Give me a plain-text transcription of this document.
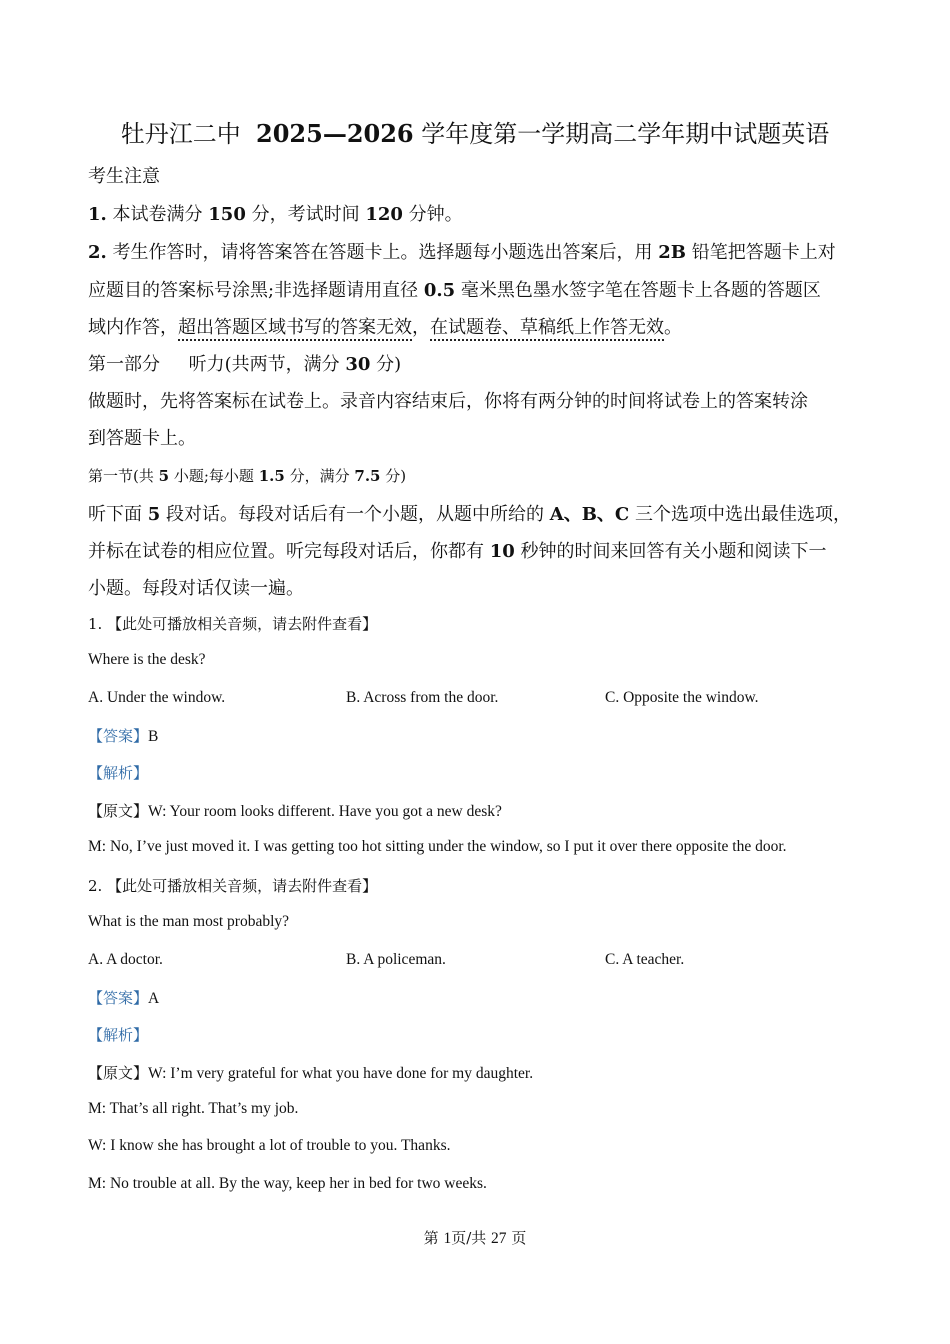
牡丹江二中 2025—2026 学年度第一学期高二学年期中试题英语
考生注意
1. 本试卷满分 150 分，考试时间 120 分钟。
2. 考生作答时，请将答案答在答题卡上。选择题每小题选出答案后，用 2B 铅笔把答题卡上对
应题目的答案标号涂黑;非选择题请用直径 0.5 毫米黑色墨水签字笔在答题卡上各题的答题区
域内作答，超出答题区域书写的答案无效，在试题卷、草稿纸上作答无效。
第一部分 听力(共两节，满分 30 分)
做题时，先将答案标在试卷上。录音内容结束后，你将有两分钟的时间将试卷上的答案转涂
到答题卡上。
第一节(共 5 小题;每小题 1.5 分，满分 7.5 分)
听下面 5 段对话。每段对话后有一个小题，从题中所给的 A、B、C 三个选项中选出最佳选项，
并标在试卷的相应位置。听完每段对话后，你都有 10 秒钟的时间来回答有关小题和阅读下一
小题。每段对话仅读一遍。
1. 【此处可播放相关音频，请去附件查看】
Where is the desk?
A. Under the window.	B. Across from the door.	C. Opposite the window.
【答案】B
【解析】
【原文】W: Your room looks different. Have you got a new desk?
M: No, I’ve just moved it. I was getting too hot sitting under the window, so I put it over there opposite the door.
2. 【此处可播放相关音频，请去附件查看】
What is the man most probably?
A. A doctor.	B. A policeman.	C. A teacher.
【答案】A
【解析】
【原文】W: I’m very grateful for what you have done for my daughter.
M: That’s all right. That’s my job.
W: I know she has brought a lot of trouble to you. Thanks.
M: No trouble at all. By the way, keep her in bed for two weeks.
第 1页/共 27 页
